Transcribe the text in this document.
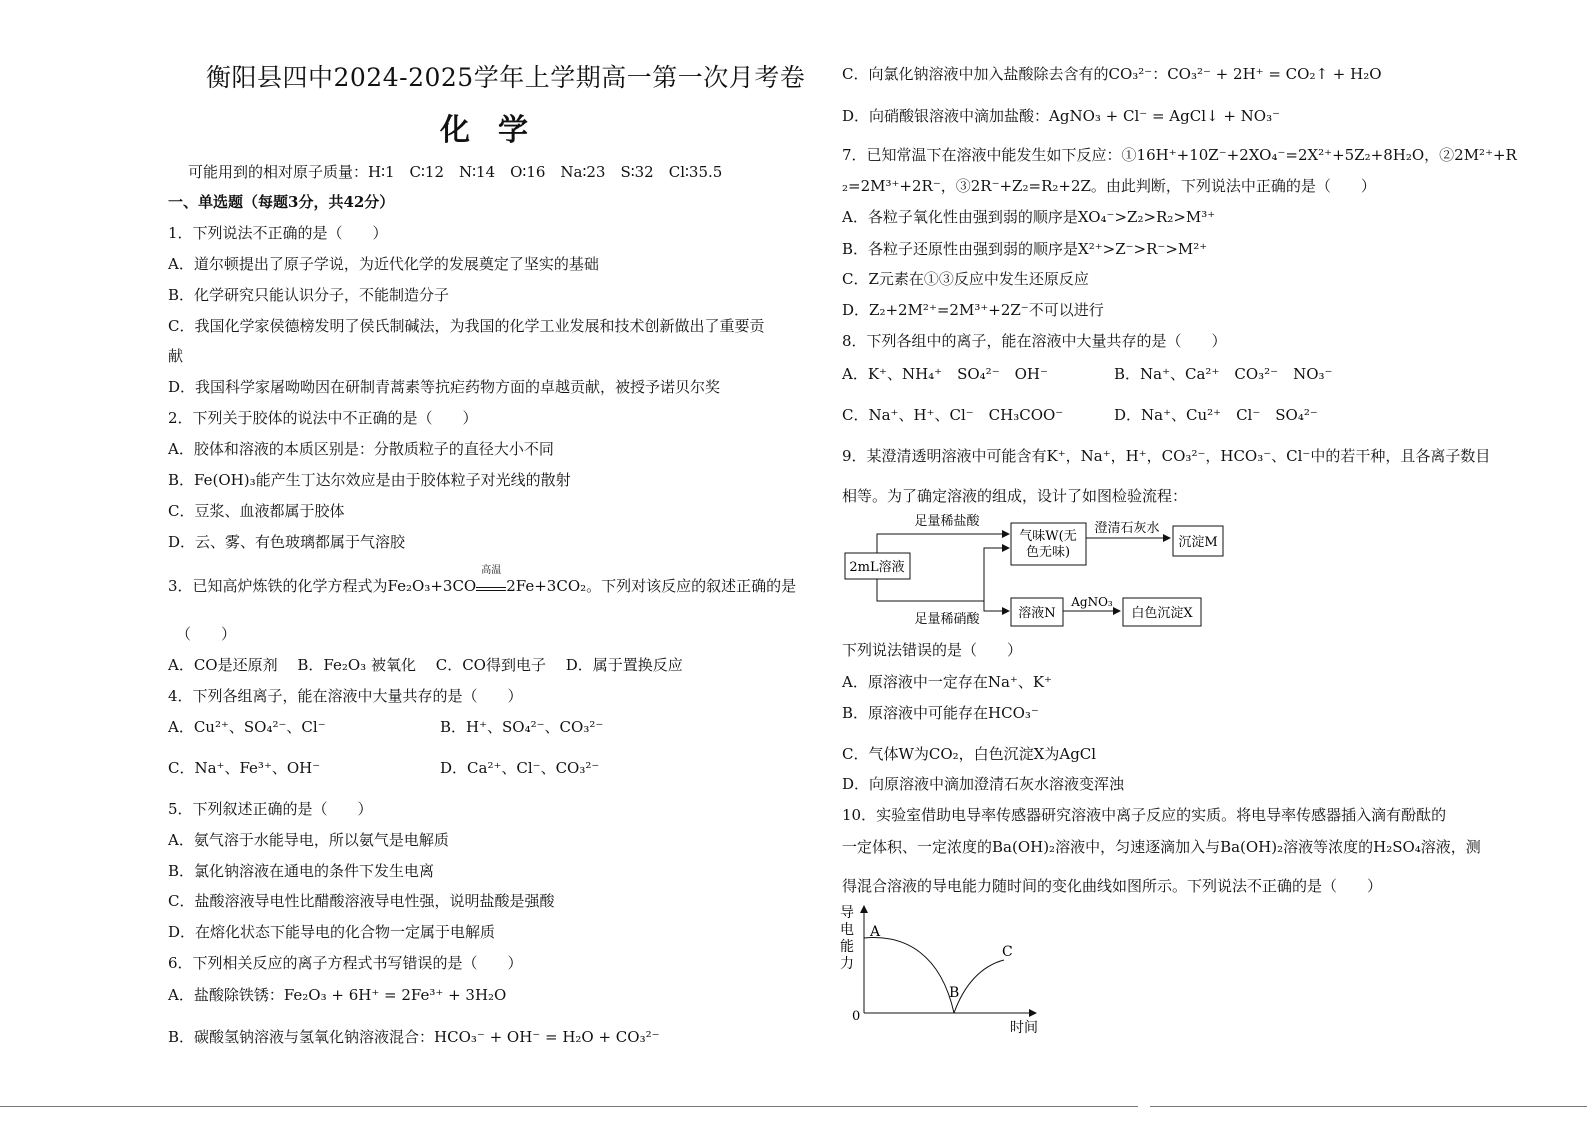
衡阳县四中2024-2025学年上学期高一第一次月考卷
化学
可能用到的相对原子质量：H∶1　C∶12　N∶14　O∶16　Na∶23　S∶32　Cl∶35.5
一、单选题（每题3分，共42分）
1．下列说法不正确的是（　　）
A．道尔顿提出了原子学说，为近代化学的发展奠定了坚实的基础
B．化学研究只能认识分子，不能制造分子
C．我国化学家侯德榜发明了侯氏制碱法，为我国的化学工业发展和技术创新做出了重要贡
献
D．我国科学家屠呦呦因在研制青蒿素等抗疟药物方面的卓越贡献，被授予诺贝尔奖
2．下列关于胶体的说法中不正确的是（　　）
A．胶体和溶液的本质区别是：分散质粒子的直径大小不同
B．Fe(OH)₃能产生丁达尔效应是由于胶体粒子对光线的散射
C．豆浆、血液都属于胶体
D．云、雾、有色玻璃都属于气溶胶
3．已知高炉炼铁的化学方程式为Fe₂O₃+3CO
高温
2Fe+3CO₂。下列对该反应的叙述正确的是
（　　）
A．CO是还原剂　 B．Fe₂O₃ 被氧化　 C．CO得到电子　 D．属于置换反应
4．下列各组离子，能在溶液中大量共存的是（　　）
A．Cu²⁺、SO₄²⁻、Cl⁻	B．H⁺、SO₄²⁻、CO₃²⁻
C．Na⁺、Fe³⁺、OH⁻	D．Ca²⁺、Cl⁻、CO₃²⁻
5．下列叙述正确的是（　　）
A．氨气溶于水能导电，所以氨气是电解质
B．氯化钠溶液在通电的条件下发生电离
C．盐酸溶液导电性比醋酸溶液导电性强，说明盐酸是强酸
D．在熔化状态下能导电的化合物一定属于电解质
6．下列相关反应的离子方程式书写错误的是（　　）
A．盐酸除铁锈：Fe₂O₃ + 6H⁺ = 2Fe³⁺ + 3H₂O
B．碳酸氢钠溶液与氢氧化钠溶液混合：HCO₃⁻ + OH⁻ = H₂O + CO₃²⁻
C．向氯化钠溶液中加入盐酸除去含有的CO₃²⁻：CO₃²⁻ + 2H⁺ = CO₂↑ + H₂O
D．向硝酸银溶液中滴加盐酸：AgNO₃ + Cl⁻ = AgCl↓ + NO₃⁻
7．已知常温下在溶液中能发生如下反应：①16H⁺+10Z⁻+2XO₄⁻=2X²⁺+5Z₂+8H₂O，②2M²⁺+R
₂=2M³⁺+2R⁻，③2R⁻+Z₂=R₂+2Z。由此判断，下列说法中正确的是（　　）
A．各粒子氧化性由强到弱的顺序是XO₄⁻>Z₂>R₂>M³⁺
B．各粒子还原性由强到弱的顺序是X²⁺>Z⁻>R⁻>M²⁺
C．Z元素在①③反应中发生还原反应
D．Z₂+2M²⁺=2M³⁺+2Z⁻不可以进行
8．下列各组中的离子，能在溶液中大量共存的是（　　）
A．K⁺、NH₄⁺　SO₄²⁻　OH⁻	B．Na⁺、Ca²⁺　CO₃²⁻　NO₃⁻
C．Na⁺、H⁺、Cl⁻　CH₃COO⁻	D．Na⁺、Cu²⁺　Cl⁻　SO₄²⁻
9．某澄清透明溶液中可能含有K⁺，Na⁺，H⁺，CO₃²⁻，HCO₃⁻、Cl⁻中的若干种，且各离子数目
相等。为了确定溶液的组成，设计了如图检验流程：
2mL溶液
足量稀盐酸
足量稀硝酸
气味W(无
色无味)
澄清石灰水
沉淀M
溶液N
AgNO₃
白色沉淀X
下列说法错误的是（　　）
A．原溶液中一定存在Na⁺、K⁺
B．原溶液中可能存在HCO₃⁻
C．气体W为CO₂，白色沉淀X为AgCl
D．向原溶液中滴加澄清石灰水溶液变浑浊
10．实验室借助电导率传感器研究溶液中离子反应的实质。将电导率传感器插入滴有酚酞的
一定体积、一定浓度的Ba(OH)₂溶液中，匀速逐滴加入与Ba(OH)₂溶液等浓度的H₂SO₄溶液，测
得混合溶液的导电能力随时间的变化曲线如图所示。下列说法不正确的是（　　）
导
电
能
力
0
时间
A
B
C
